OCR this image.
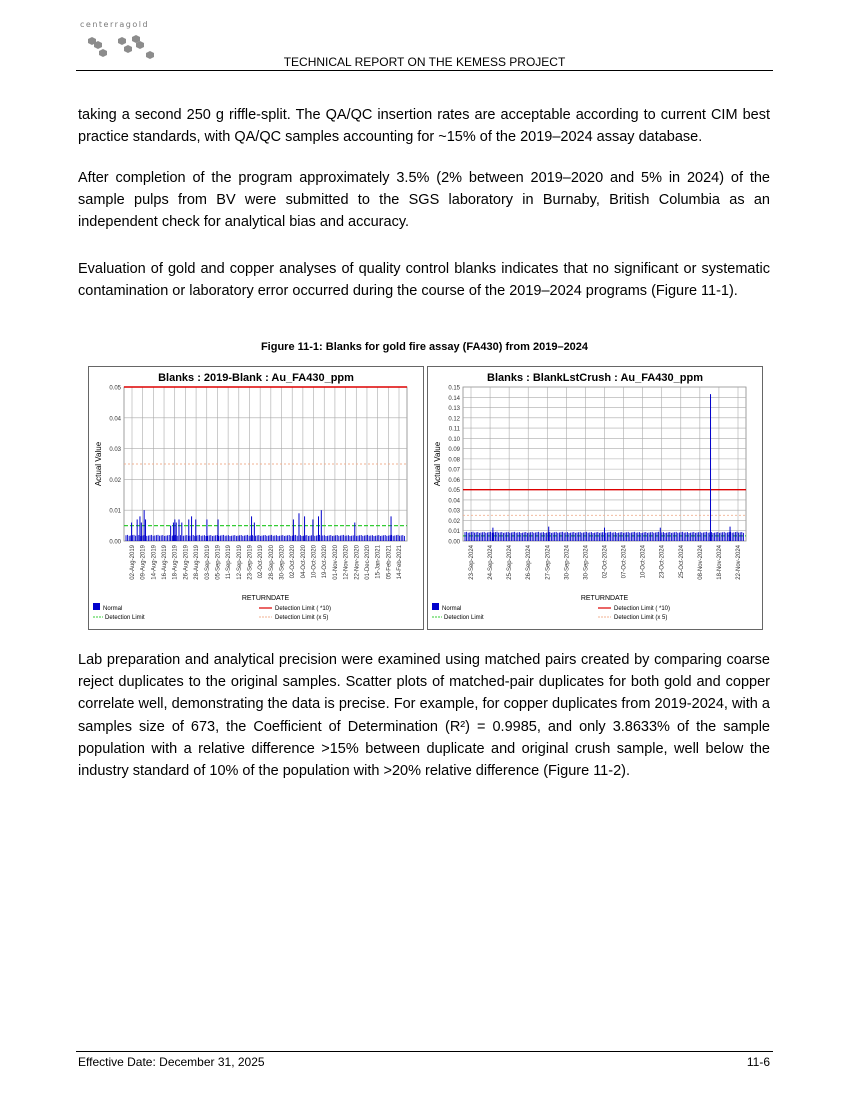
centerragold
TECHNICAL REPORT ON THE KEMESS PROJECT
taking a second 250 g riffle-split. The QA/QC insertion rates are acceptable according to current CIM best practice standards, with QA/QC samples accounting for ~15% of the 2019–2024 assay database.
After completion of the program approximately 3.5% (2% between 2019–2020 and 5% in 2024) of the sample pulps from BV were submitted to the SGS laboratory in Burnaby, British Columbia as an independent check for analytical bias and accuracy.
Evaluation of gold and copper analyses of quality control blanks indicates that no significant or systematic contamination or laboratory error occurred during the course of the 2019–2024 programs (Figure 11-1).
Figure 11-1: Blanks for gold fire assay (FA430) from 2019–2024
Blanks : 2019-Blank : Au_FA430_ppm
0.00
0.01
0.02
0.03
0.04
0.05
02-Aug-2019 09-Aug-2019 14-Aug-2019 16-Aug-2019 18-Aug-2019 26-Aug-2019 28-Aug-2019 03-Sep-2019 05-Sep-2019 11-Sep-2019 12-Sep-2019 23-Sep-2019 02-Oct-2019 28-Sep-2020 30-Sep-2020 02-Oct-2020 04-Oct-2020 10-Oct-2020 19-Oct-2020 01-Nov-2020 12-Nov-2020 22-Nov-2020 01-Dec-2020 15-Jan-2021 05-Feb-2021 14-Feb-2021
Actual Value
RETURNDATE
Normal
Detection Limit
Detection Limit ( *10)
Detection Limit (x 5)
Blanks : BlankLstCrush : Au_FA430_ppm
0.00
0.01
0.02
0.03
0.04
0.05
0.06
0.07
0.08
0.09
0.10
0.11
0.12
0.13
0.14
0.15
23-Sep-2024 24-Sep-2024 25-Sep-2024 26-Sep-2024 27-Sep-2024 30-Sep-2024 30-Sep-2024 02-Oct-2024 07-Oct-2024 10-Oct-2024 23-Oct-2024 25-Oct-2024 08-Nov-2024 18-Nov-2024 22-Nov-2024
Actual Value
RETURNDATE
Normal
Detection Limit
Detection Limit ( *10)
Detection Limit (x 5)
Lab preparation and analytical precision were examined using matched pairs created by comparing coarse reject duplicates to the original samples. Scatter plots of matched-pair duplicates for both gold and copper correlate well, demonstrating the data is precise. For example, for copper duplicates from 2019-2024, with a samples size of 673, the Coefficient of Determination (R²) = 0.9985, and only 3.8633% of the sample population with a relative difference >15% between duplicate and original crush sample, well below the industry standard of 10% of the population with >20% relative difference (Figure 11-2).
Effective Date: December 31, 2025	11-6
